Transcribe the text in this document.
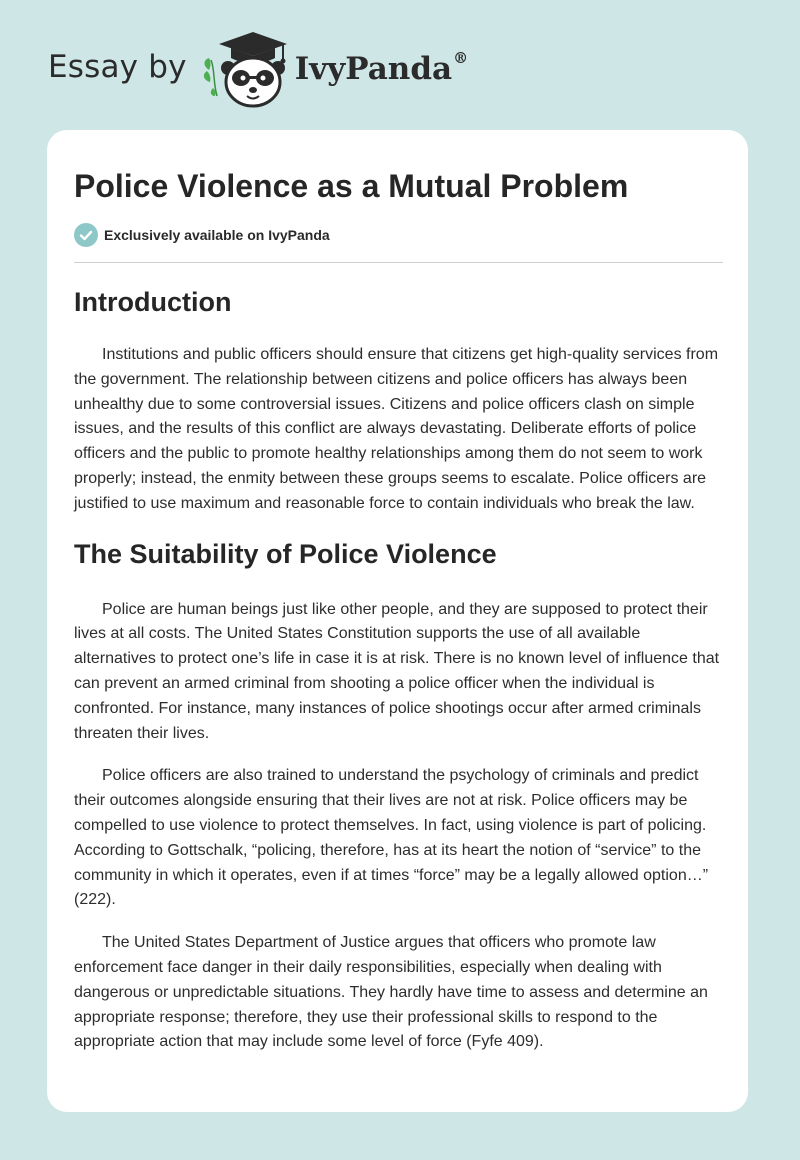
Essay by	IvyPanda®
Police Violence as a Mutual Problem
Exclusively available on IvyPanda
Introduction

Institutions and public officers should ensure that citizens get high-quality services from the government. The relationship between citizens and police officers has always been unhealthy due to some controversial issues. Citizens and police officers clash on simple issues, and the results of this conflict are always devastating. Deliberate efforts of police officers and the public to promote healthy relationships among them do not seem to work properly; instead, the enmity between these groups seems to escalate. Police officers are justified to use maximum and reasonable force to contain individuals who break the law.

The Suitability of Police Violence

Police are human beings just like other people, and they are supposed to protect their lives at all costs. The United States Constitution supports the use of all available alternatives to protect one’s life in case it is at risk. There is no known level of influence that can prevent an armed criminal from shooting a police officer when the individual is confronted. For instance, many instances of police shootings occur after armed criminals threaten their lives.

Police officers are also trained to understand the psychology of criminals and predict their outcomes alongside ensuring that their lives are not at risk. Police officers may be compelled to use violence to protect themselves. In fact, using violence is part of policing. According to Gottschalk, “policing, therefore, has at its heart the notion of “service” to the community in which it operates, even if at times “force” may be a legally allowed option…” (222).

The United States Department of Justice argues that officers who promote law enforcement face danger in their daily responsibilities, especially when dealing with dangerous or unpredictable situations. They hardly have time to assess and determine an appropriate response; therefore, they use their professional skills to respond to the appropriate action that may include some level of force (Fyfe 409).
